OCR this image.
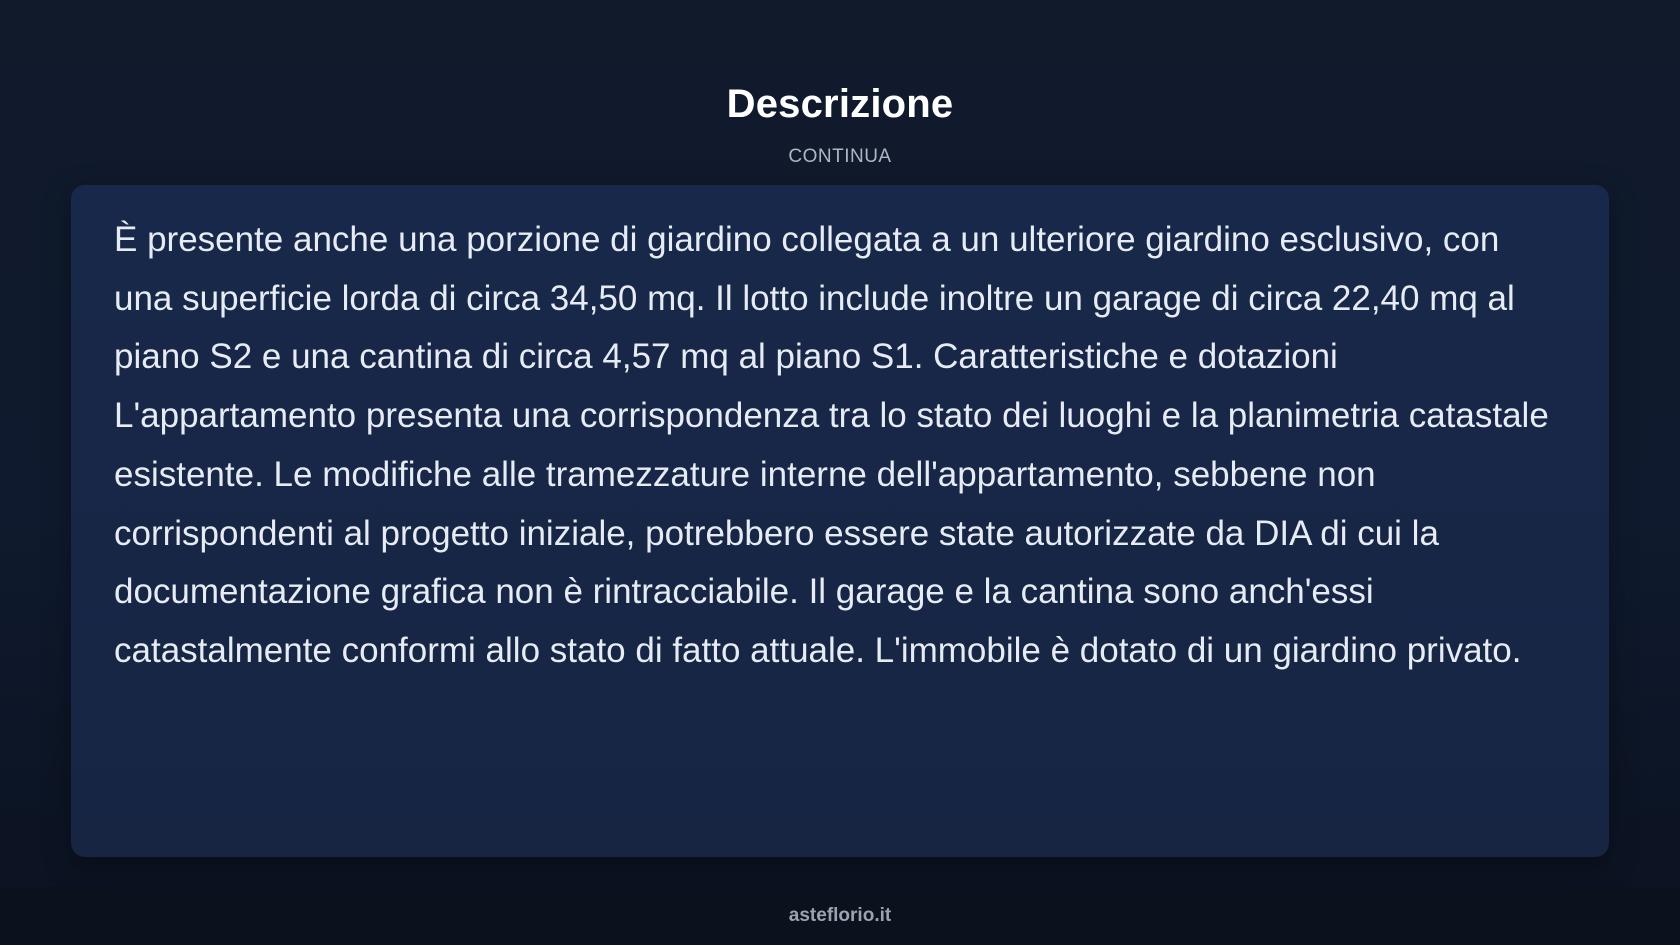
Descrizione
CONTINUA

È presente anche una porzione di giardino collegata a un ulteriore giardino esclusivo, con una superficie lorda di circa 34,50 mq. Il lotto include inoltre un garage di circa 22,40 mq al piano S2 e una cantina di circa 4,57 mq al piano S1. Caratteristiche e dotazioni L'appartamento presenta una corrispondenza tra lo stato dei luoghi e la planimetria catastale esistente. Le modifiche alle tramezzature interne dell'appartamento, sebbene non corrispondenti al progetto iniziale, potrebbero essere state autorizzate da DIA di cui la documentazione grafica non è rintracciabile. Il garage e la cantina sono anch'essi catastalmente conformi allo stato di fatto attuale. L'immobile è dotato di un giardino privato.

asteflorio.it
